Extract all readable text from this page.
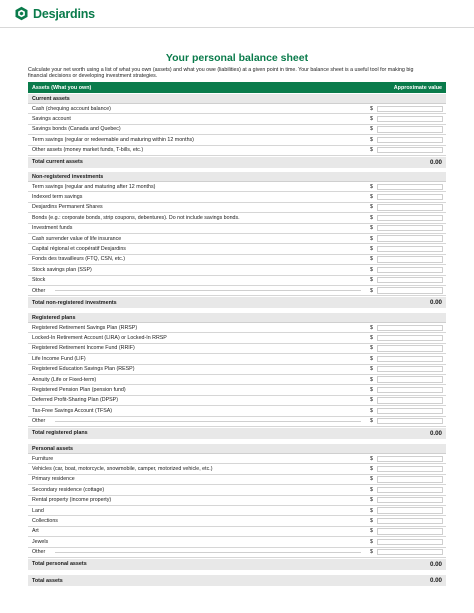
Desjardins
Your personal balance sheet
Calculate your net worth using a list of what you own (assets) and what you owe (liabilities) at a given point in time. Your balance sheet is a useful tool for making big financial decisions or developing investment strategies.
Assets (What you own)	Approximate value
Current assets
Cash (chequing account balance)	$
Savings account	$
Savings bonds (Canada and Quebec)	$
Term savings (regular or redeemable and maturing within 12 months)	$
Other assets (money market funds, T-bills, etc.)	$
Total current assets	0.00
Non-registered investments
Term savings (regular and maturing after 12 months)	$
Indexed term savings	$
Desjardins Permanent Shares	$
Bonds (e.g.: corporate bonds, strip coupons, debentures). Do not include savings bonds.	$
Investment funds	$
Cash surrender value of life insurance	$
Capital régional et coopératif Desjardins	$
Fonds des travailleurs (FTQ, CSN, etc.)	$
Stock savings plan (SSP)	$
Stock	$
Other	$
Total non-registered investments	0.00
Registered plans
Registered Retirement Savings Plan (RRSP)	$
Locked-In Retirement Account (LIRA) or Locked-In RRSP	$
Registered Retirement Income Fund (RRIF)	$
Life Income Fund (LIF)	$
Registered Education Savings Plan (RESP)	$
Annuity (Life or Fixed-term)	$
Registered Pension Plan (pension fund)	$
Deferred Profit-Sharing Plan (DPSP)	$
Tax-Free Savings Account (TFSA)	$
Other	$
Total registered plans	0.00
Personal assets
Furniture	$
Vehicles (car, boat, motorcycle, snowmobile, camper, motorized vehicle, etc.)	$
Primary residence	$
Secondary residence (cottage)	$
Rental property (income property)	$
Land	$
Collections	$
Art	$
Jewels	$
Other	$
Total personal assets	0.00
Total assets	0.00
